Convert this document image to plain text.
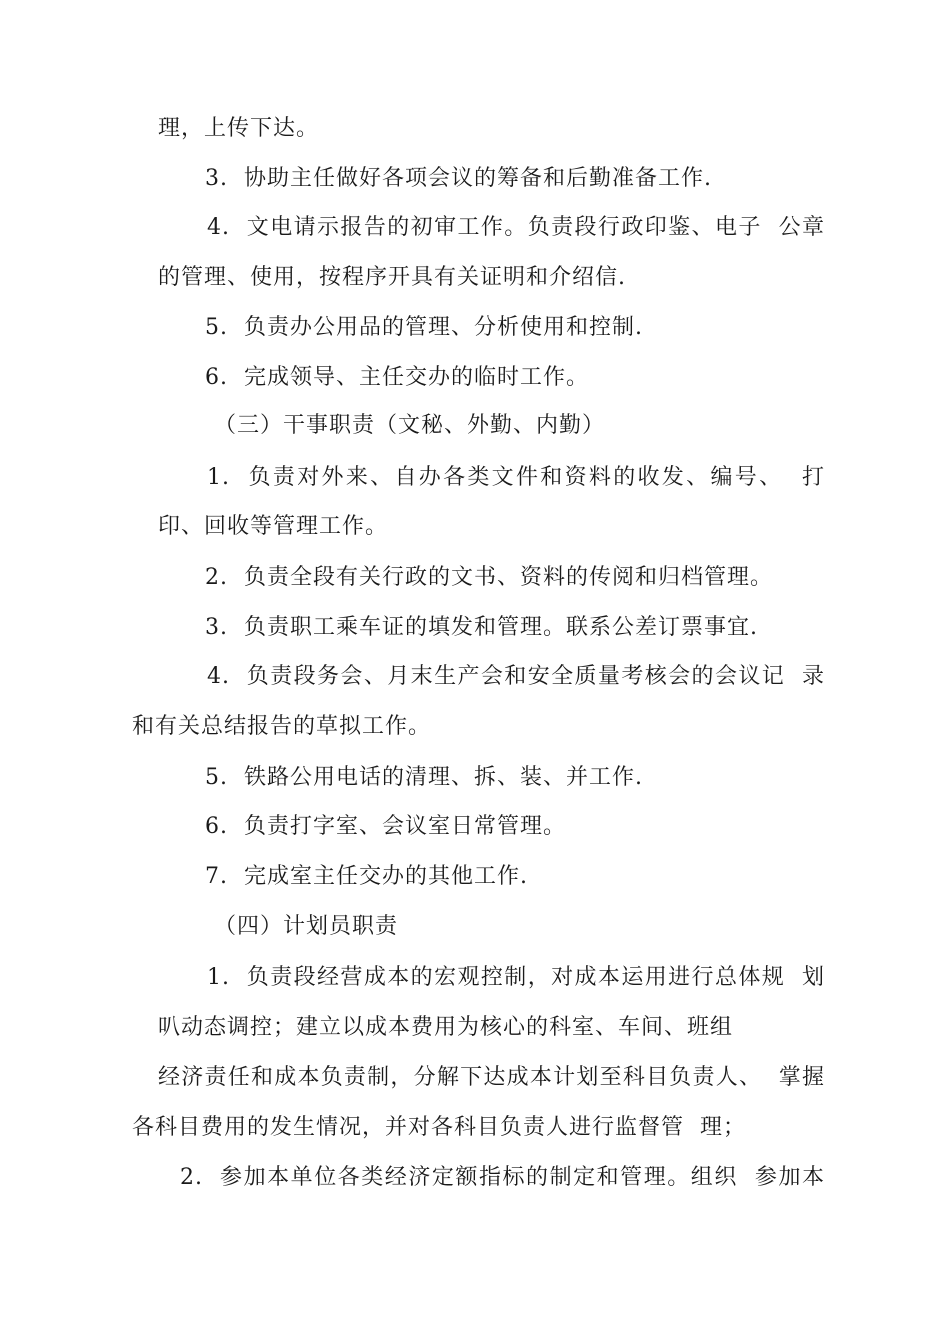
理，上传下达。
3.  协助主任做好各项会议的筹备和后勤准备工作.
4.  文电请示报告的初审工作。负责段行政印鉴、电子  公章
的管理、使用，按程序开具有关证明和介绍信.
5.  负责办公用品的管理、分析使用和控制.
6.  完成领导、主任交办的临时工作。
（三）干事职责（文秘、外勤、内勤）
1.  负责对外来、自办各类文件和资料的收发、编号、  打
印、回收等管理工作。
2.  负责全段有关行政的文书、资料的传阅和归档管理。
3.  负责职工乘车证的填发和管理。联系公差订票事宜.
4.  负责段务会、月末生产会和安全质量考核会的会议记  录
和有关总结报告的草拟工作。
5.  铁路公用电话的清理、拆、装、并工作.
6.  负责打字室、会议室日常管理。
7.  完成室主任交办的其他工作.
（四）计划员职责
1.  负责段经营成本的宏观控制，对成本运用进行总体规  划
叭动态调控；建立以成本费用为核心的科室、车间、班组
经济责任和成本负责制，分解下达成本计划至科目负责人、  掌握
各科目费用的发生情况，并对各科目负责人进行监督管  理；
2.  参加本单位各类经济定额指标的制定和管理。组织  参加本
